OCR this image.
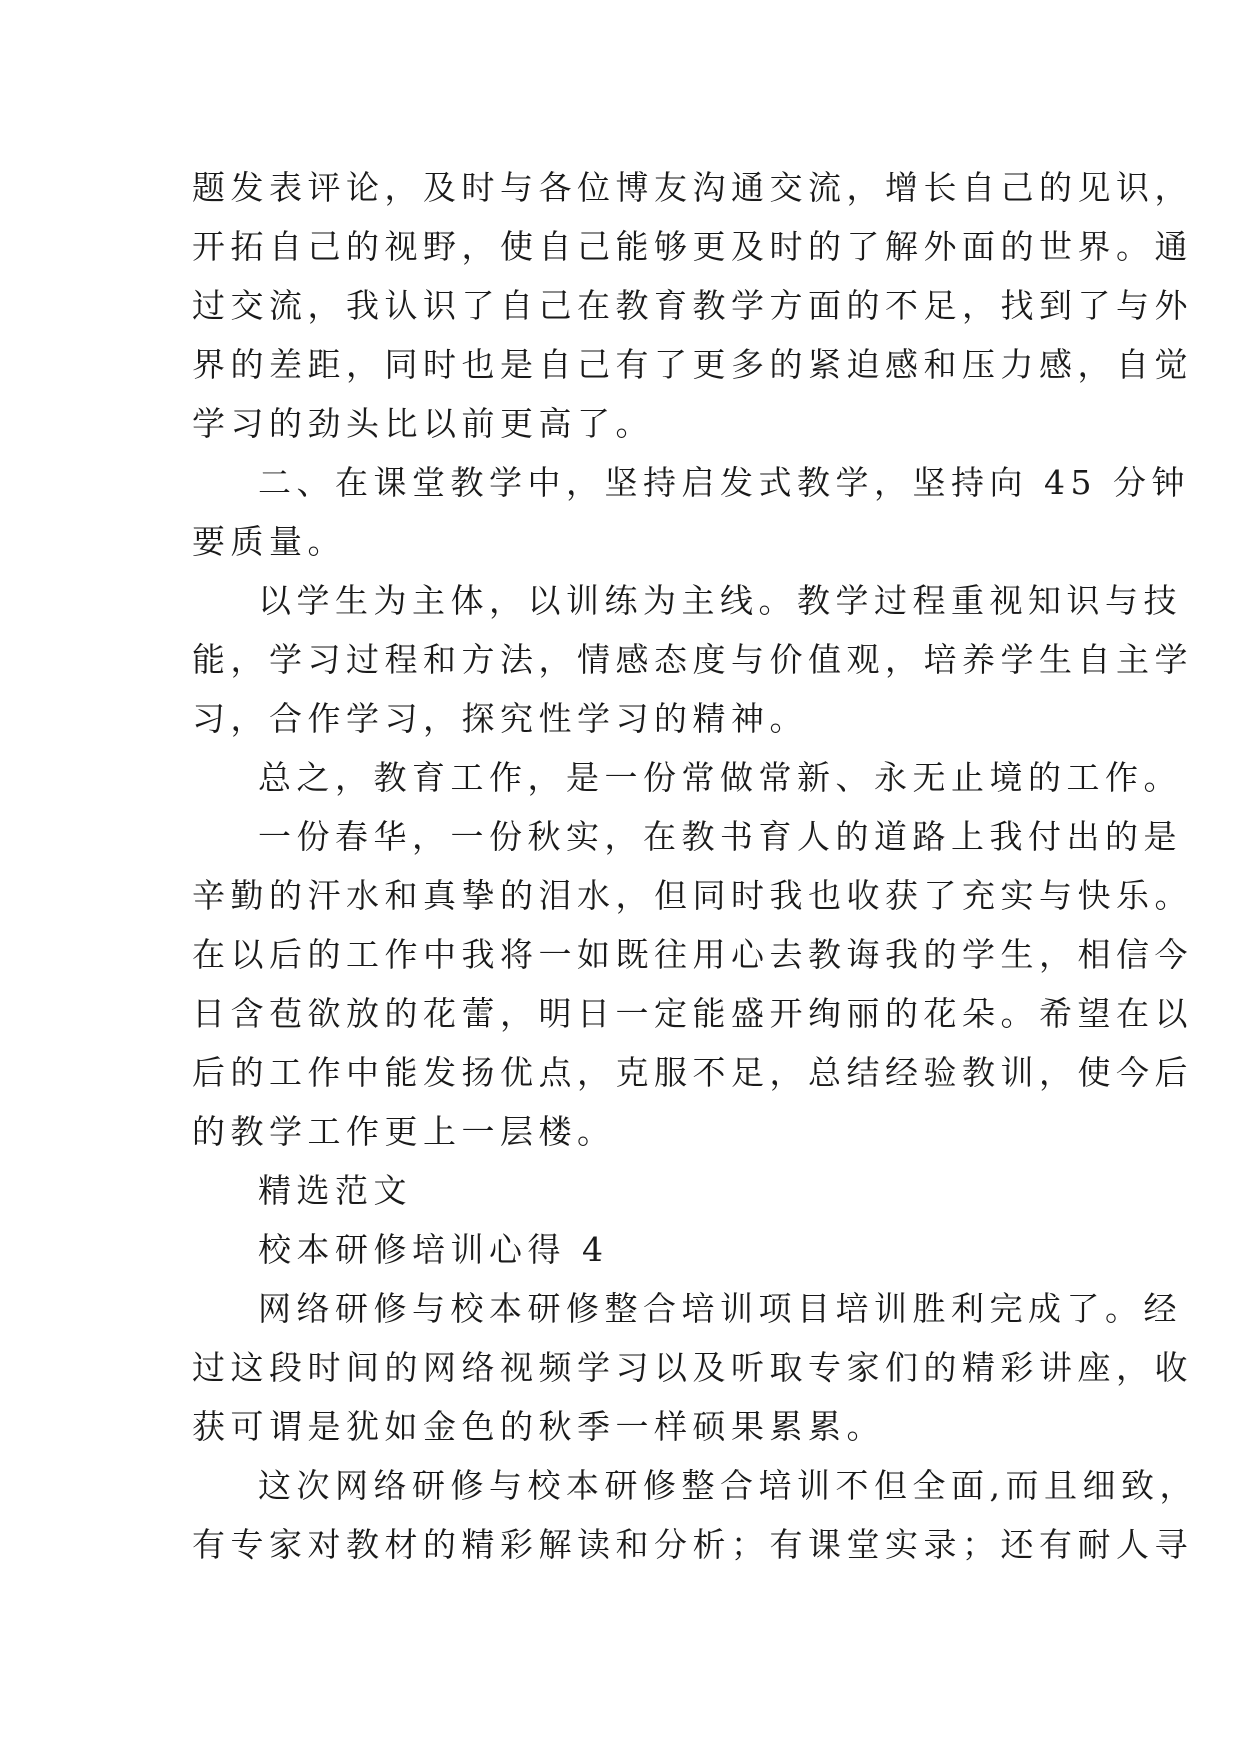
题发表评论，及时与各位博友沟通交流，增长自己的见识，
开拓自己的视野，使自己能够更及时的了解外面的世界。通
过交流，我认识了自己在教育教学方面的不足，找到了与外
界的差距，同时也是自己有了更多的紧迫感和压力感，自觉
学习的劲头比以前更高了。
二、在课堂教学中，坚持启发式教学，坚持向 45 分钟
要质量。
以学生为主体，以训练为主线。教学过程重视知识与技
能，学习过程和方法，情感态度与价值观，培养学生自主学
习，合作学习，探究性学习的精神。
总之，教育工作，是一份常做常新、永无止境的工作。
一份春华，一份秋实，在教书育人的道路上我付出的是
辛勤的汗水和真挚的泪水，但同时我也收获了充实与快乐。
在以后的工作中我将一如既往用心去教诲我的学生，相信今
日含苞欲放的花蕾，明日一定能盛开绚丽的花朵。希望在以
后的工作中能发扬优点，克服不足，总结经验教训，使今后
的教学工作更上一层楼。
精选范文
校本研修培训心得 4
网络研修与校本研修整合培训项目培训胜利完成了。经
过这段时间的网络视频学习以及听取专家们的精彩讲座，收
获可谓是犹如金色的秋季一样硕果累累。
这次网络研修与校本研修整合培训不但全面,而且细致，
有专家对教材的精彩解读和分析；有课堂实录；还有耐人寻
